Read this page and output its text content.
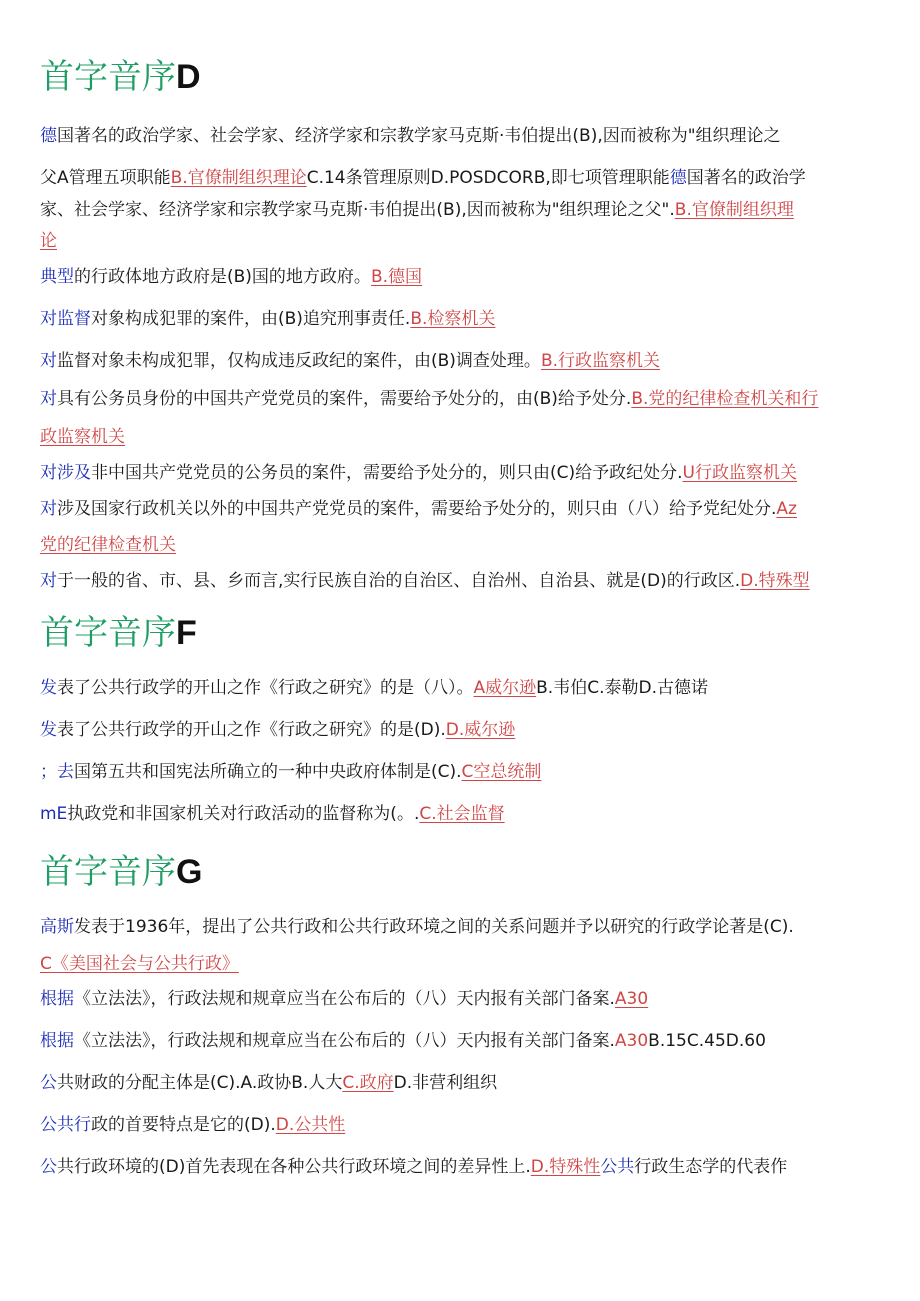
首字音序D
德国著名的政治学家、社会学家、经济学家和宗教学家马克斯·韦伯提出(B),因而被称为"组织理论之
父A管理五项职能B.官僚制组织理论C.14条管理原则D.POSDCORB,即七项管理职能德国著名的政治学
家、社会学家、经济学家和宗教学家马克斯·韦伯提出(B),因而被称为"组织理论之父".B.官僚制组织理
论
典型的行政体地方政府是(B)国的地方政府。B.德国
对监督对象构成犯罪的案件，由(B)追究刑事责任.B.检察机关
对监督对象未构成犯罪，仅构成违反政纪的案件，由(B)调查处理。B.行政监察机关
对具有公务员身份的中国共产党党员的案件，需要给予处分的，由(B)给予处分.B.党的纪律检查机关和行
政监察机关
对涉及非中国共产党党员的公务员的案件，需要给予处分的，则只由(C)给予政纪处分.U行政监察机关
对涉及国家行政机关以外的中国共产党党员的案件，需要给予处分的，则只由（八）给予党纪处分.Az
党的纪律检查机关
对于一般的省、市、县、乡而言,实行民族自治的自治区、自治州、自治县、就是(D)的行政区.D.特殊型
首字音序F
发表了公共行政学的开山之作《行政之研究》的是（八）。A威尔逊B.韦伯C.泰勒D.古德诺
发表了公共行政学的开山之作《行政之研究》的是(D).D.威尔逊
；去国第五共和国宪法所确立的一种中央政府体制是(C).C空总统制
mE执政党和非国家机关对行政活动的监督称为(。.C.社会监督
首字音序G
高斯发表于1936年，提出了公共行政和公共行政环境之间的关系问题并予以研究的行政学论著是(C).
C《美国社会与公共行政》
根据《立法法》，行政法规和规章应当在公布后的（八）天内报有关部门备案.A30
根据《立法法》，行政法规和规章应当在公布后的（八）天内报有关部门备案.A30B.15C.45D.60
公共财政的分配主体是(C).A.政协B.人大C.政府D.非营利组织
公共行政的首要特点是它的(D).D.公共性
公共行政环境的(D)首先表现在各种公共行政环境之间的差异性上.D.特殊性公共行政生态学的代表作
